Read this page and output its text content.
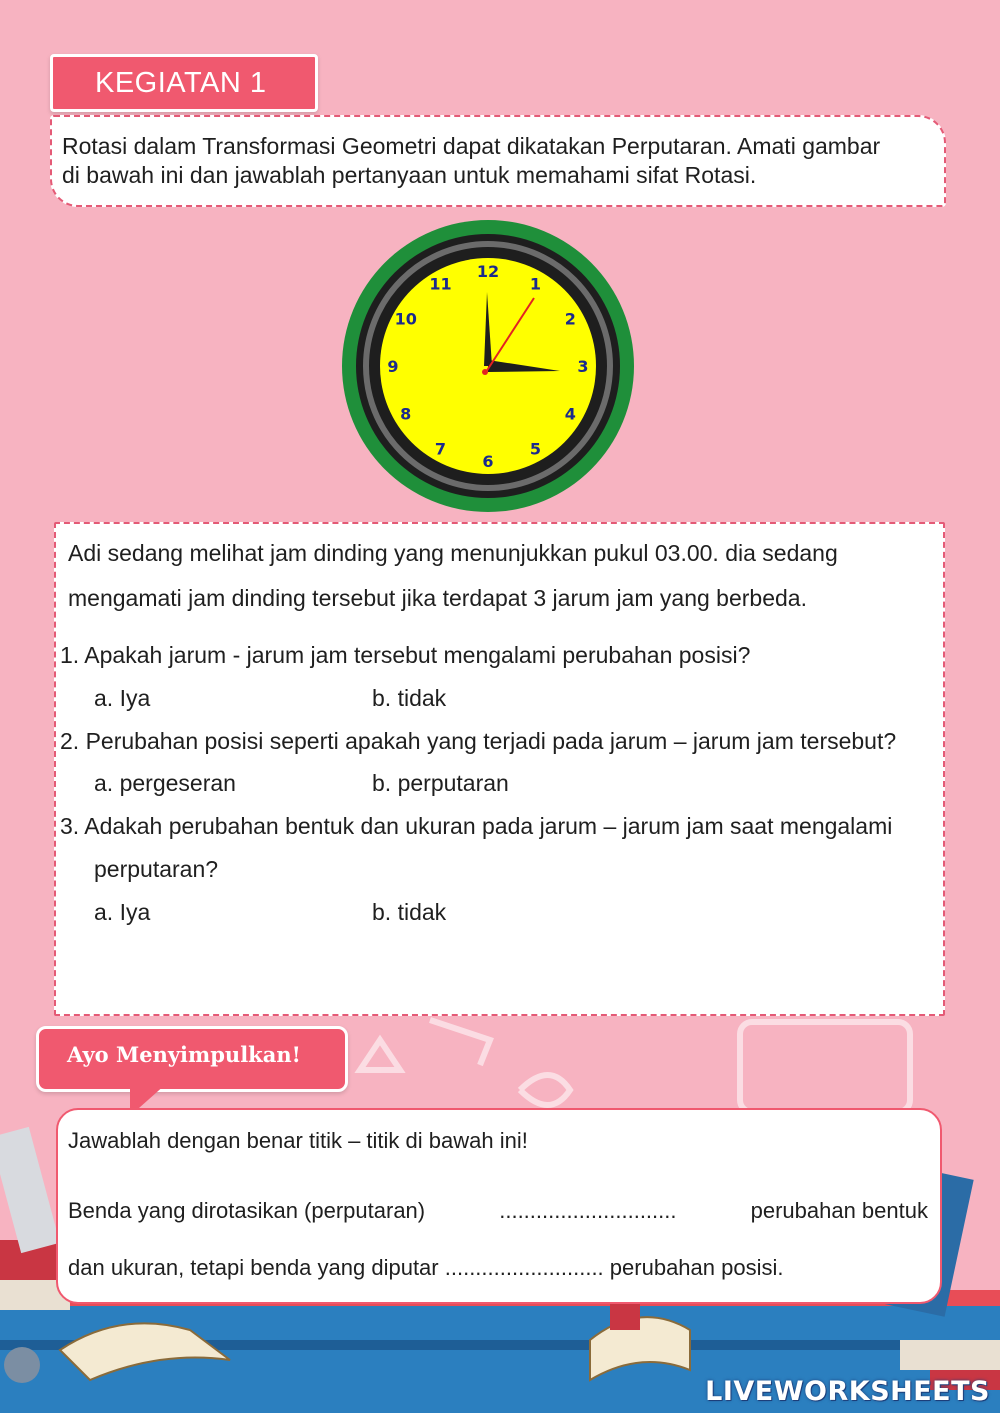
KEGIATAN 1
Rotasi dalam Transformasi Geometri dapat dikatakan Perputaran. Amati gambar
di bawah ini dan jawablah pertanyaan untuk memahami sifat Rotasi.
12
1
2
3
4
5
6
7
8
9
10
11
Adi sedang melihat jam dinding yang menunjukkan pukul 03.00. dia sedang
mengamati jam dinding tersebut jika terdapat 3 jarum jam yang berbeda.
1. Apakah jarum - jarum jam tersebut mengalami perubahan posisi?
a. Iya	b. tidak
2. Perubahan posisi seperti apakah yang terjadi pada jarum – jarum jam tersebut?
a. pergeseran	b. perputaran
3. Adakah perubahan bentuk dan ukuran pada jarum – jarum jam saat mengalami
perputaran?
a. Iya	b. tidak
Ayo Menyimpulkan!
Jawablah dengan benar titik – titik di bawah ini!
Benda yang dirotasikan (perputaran)	.............................	perubahan bentuk
dan ukuran, tetapi benda yang diputar .......................... perubahan posisi.
LIVEWORKSHEETS
